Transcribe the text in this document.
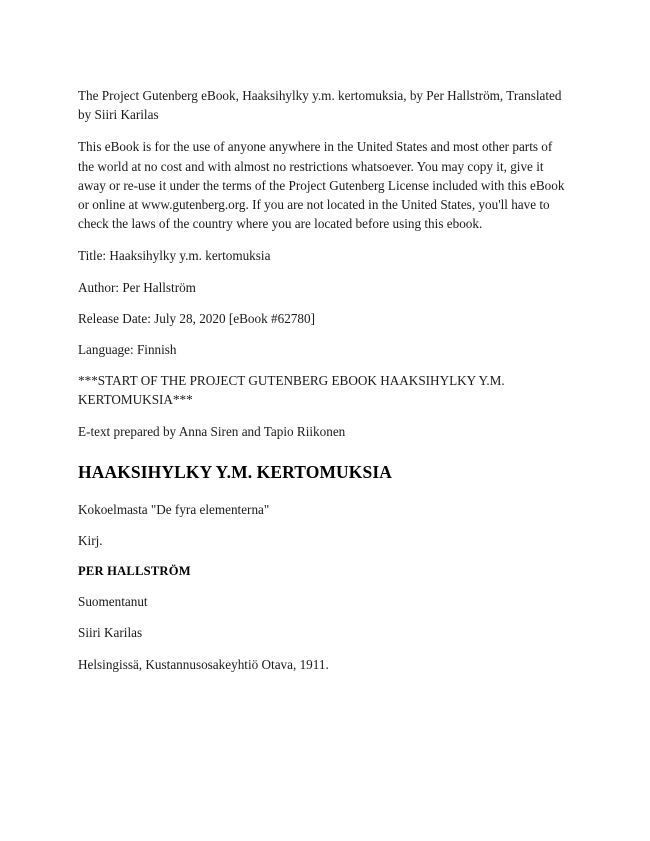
The Project Gutenberg eBook, Haaksihylky y.m. kertomuksia, by Per Hallström, Translated by Siiri Karilas

This eBook is for the use of anyone anywhere in the United States and most other parts of the world at no cost and with almost no restrictions whatsoever. You may copy it, give it away or re-use it under the terms of the Project Gutenberg License included with this eBook or online at www.gutenberg.org. If you are not located in the United States, you'll have to check the laws of the country where you are located before using this ebook.

Title: Haaksihylky y.m. kertomuksia

Author: Per Hallström

Release Date: July 28, 2020 [eBook #62780]

Language: Finnish

***START OF THE PROJECT GUTENBERG EBOOK HAAKSIHYLKY Y.M. KERTOMUKSIA***

E-text prepared by Anna Siren and Tapio Riikonen

HAAKSIHYLKY Y.M. KERTOMUKSIA

Kokoelmasta "De fyra elementerna"

Kirj.

PER HALLSTRÖM

Suomentanut

Siiri Karilas

Helsingissä, Kustannusosakeyhtiö Otava, 1911.
